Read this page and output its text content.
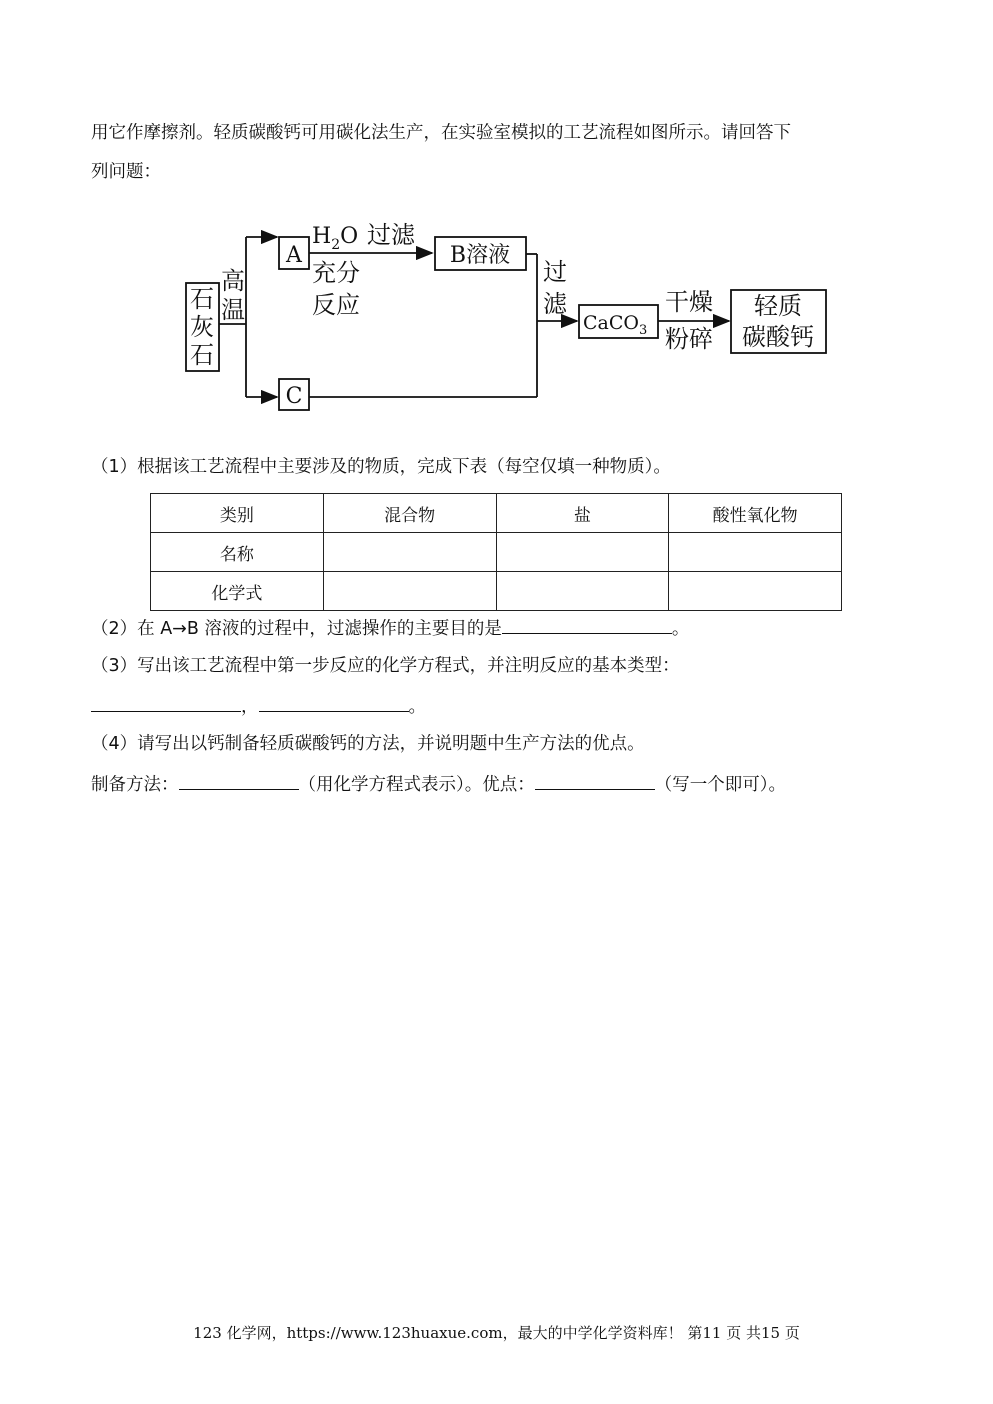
用它作摩擦剂。轻质碳酸钙可用碳化法生产，在实验室模拟的工艺流程如图所示。请回答下
列问题：
石
灰
石
高
温
A
$H_2O$ 过滤
充分
反应
B溶液
过
滤
CaCO$_3$
干燥
粉碎
轻质
碳酸钙
C
（1）根据该工艺流程中主要涉及的物质，完成下表（每空仅填一种物质）。
类别	混合物	盐	酸性氧化物
名称			
化学式			
（2）在 A→B 溶液的过程中，过滤操作的主要目的是	。
（3）写出该工艺流程中第一步反应的化学方程式，并注明反应的基本类型：
，	。
（4）请写出以钙制备轻质碳酸钙的方法，并说明题中生产方法的优点。
制备方法：	（用化学方程式表示）。优点：	（写一个即可）。
123 化学网，https://www.123huaxue.com，最大的中学化学资料库！ 第11 页 共15 页
